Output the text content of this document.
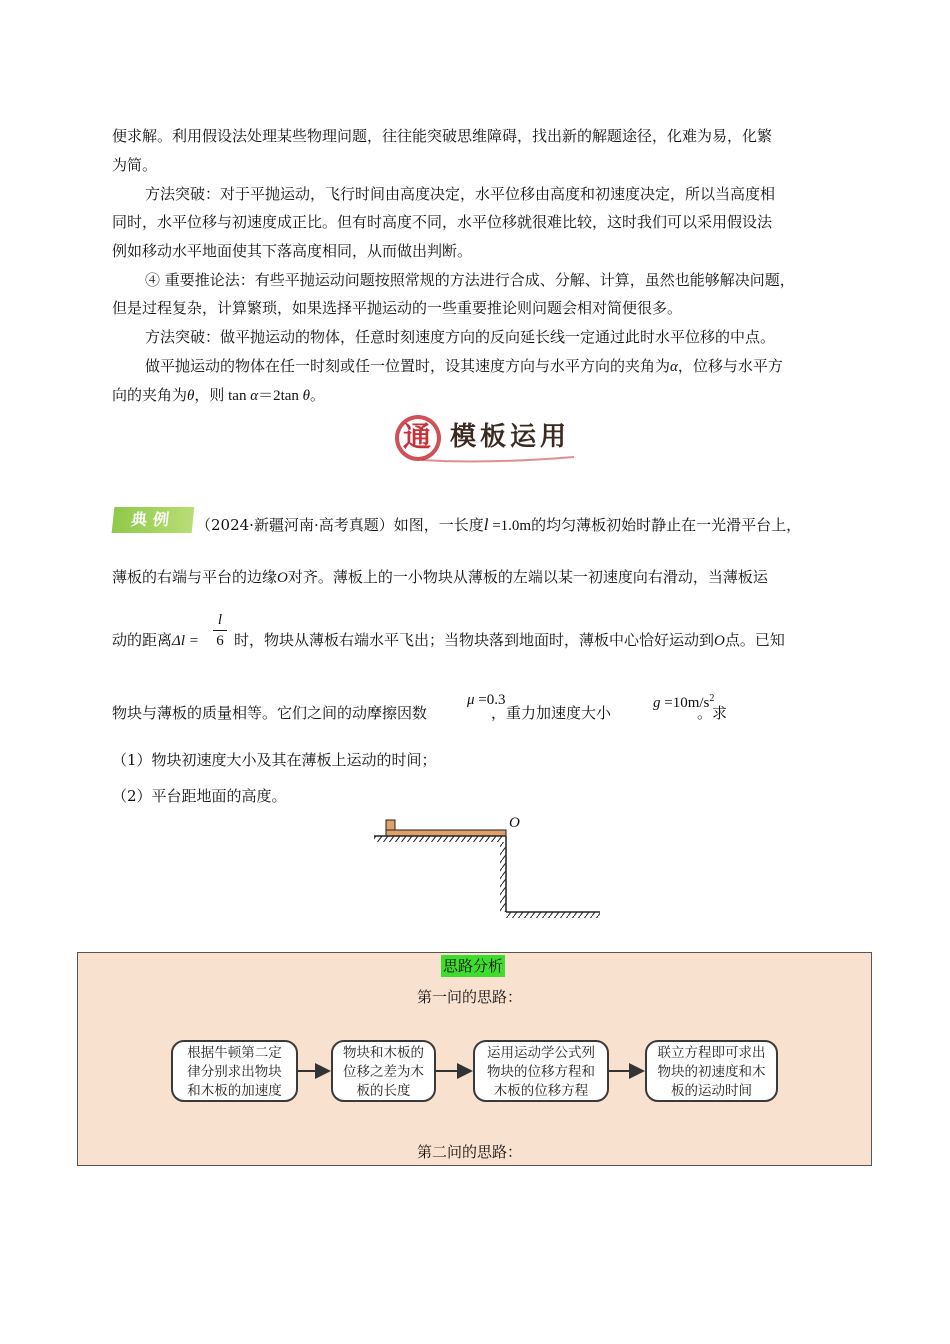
便求解。利用假设法处理某些物理问题，往往能突破思维障碍，找出新的解题途径，化难为易，化繁
为简。
方法突破：对于平抛运动，飞行时间由高度决定，水平位移由高度和初速度决定，所以当高度相
同时，水平位移与初速度成正比。但有时高度不同，水平位移就很难比较，这时我们可以采用假设法
例如移动水平地面使其下落高度相同，从而做出判断。
④ 重要推论法：有些平抛运动问题按照常规的方法进行合成、分解、计算，虽然也能够解决问题，
但是过程复杂，计算繁琐，如果选择平抛运动的一些重要推论则问题会相对简便很多。
方法突破：做平抛运动的物体，任意时刻速度方向的反向延长线一定通过此时水平位移的中点。
做平抛运动的物体在任一时刻或任一位置时，设其速度方向与水平方向的夹角为α，位移与水平方
向的夹角为θ，则 tan α＝2tan θ。
通 模板运用
典例	（2024·新疆河南·高考真题）如图，一长度l =1.0m的均匀薄板初始时静止在一光滑平台上，
薄板的右端与平台的边缘O对齐。薄板上的一小物块从薄板的左端以某一初速度向右滑动，当薄板运
动的距离Δl = 时，物块从薄板右端水平飞出；当物块落到地面时，薄板中心恰好运动到O点。已知
l
6
物块与薄板的质量相等。它们之间的动摩擦因数	，重力加速度大小	。求
μ =0.3	$g =10m/s^2$
（1）物块初速度大小及其在薄板上运动的时间；
（2）平台距地面的高度。
O
思路分析
第一问的思路：
根据牛顿第二定
律分别求出物块
和木板的加速度
物块和木板的
位移之差为木
板的长度
运用运动学公式列
物块的位移方程和
木板的位移方程
联立方程即可求出
物块的初速度和木
板的运动时间
第二问的思路：
